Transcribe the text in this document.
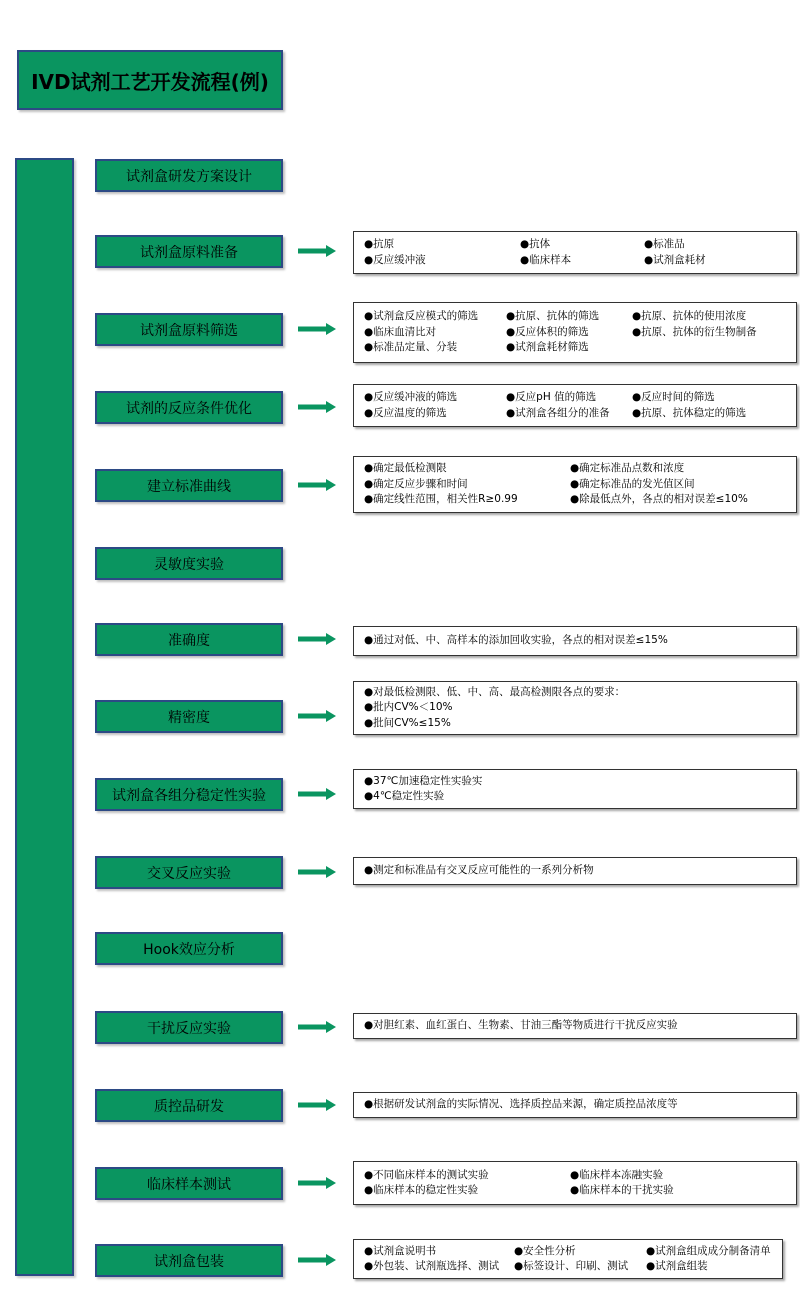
IVD试剂工艺开发流程(例)
试剂盒研发方案设计
试剂盒原料准备
● 抗原	● 抗体	● 标准品
● 反应缓冲液	● 临床样本	● 试剂盒耗材
试剂盒原料筛选
● 试剂盒反应模式的筛选	● 抗原、抗体的筛选	● 抗原、抗体的使用浓度
● 临床血清比对	● 反应体积的筛选	● 抗原、抗体的衍生物制备
● 标准品定量、分装	● 试剂盒耗材筛选
试剂的反应条件优化
● 反应缓冲液的筛选	● 反应pH 值的筛选	● 反应时间的筛选
● 反应温度的筛选	● 试剂盒各组分的准备	● 抗原、抗体稳定的筛选
建立标准曲线
● 确定最低检测限	● 确定标准品点数和浓度
● 确定反应步骤和时间	● 确定标准品的发光值区间
● 确定线性范围，相关性R≥0.99	● 除最低点外，各点的相对误差≤10%
灵敏度实验
准确度	● 通过对低、中、高样本的添加回收实验，各点的相对误差≤15%
精密度
● 对最低检测限、低、中、高、最高检测限各点的要求：
● 批内CV%＜10%
● 批间CV%≤15%
试剂盒各组分稳定性实验
● 37℃加速稳定性实验实
● 4℃稳定性实验
交叉反应实验	● 测定和标准品有交叉反应可能性的一系列分析物
Hook效应分析
干扰反应实验	● 对胆红素、血红蛋白、生物素、甘油三酯等物质进行干扰反应实验
质控品研发	● 根据研发试剂盒的实际情况、选择质控品来源，确定质控品浓度等
临床样本测试
● 不同临床样本的测试实验	● 临床样本冻融实验
● 临床样本的稳定性实验	● 临床样本的干扰实验
试剂盒包装
● 试剂盒说明书	● 安全性分析	● 试剂盒组成成分制备清单
● 外包装、试剂瓶选择、测试	● 标签设计、印刷、测试	● 试剂盒组装
